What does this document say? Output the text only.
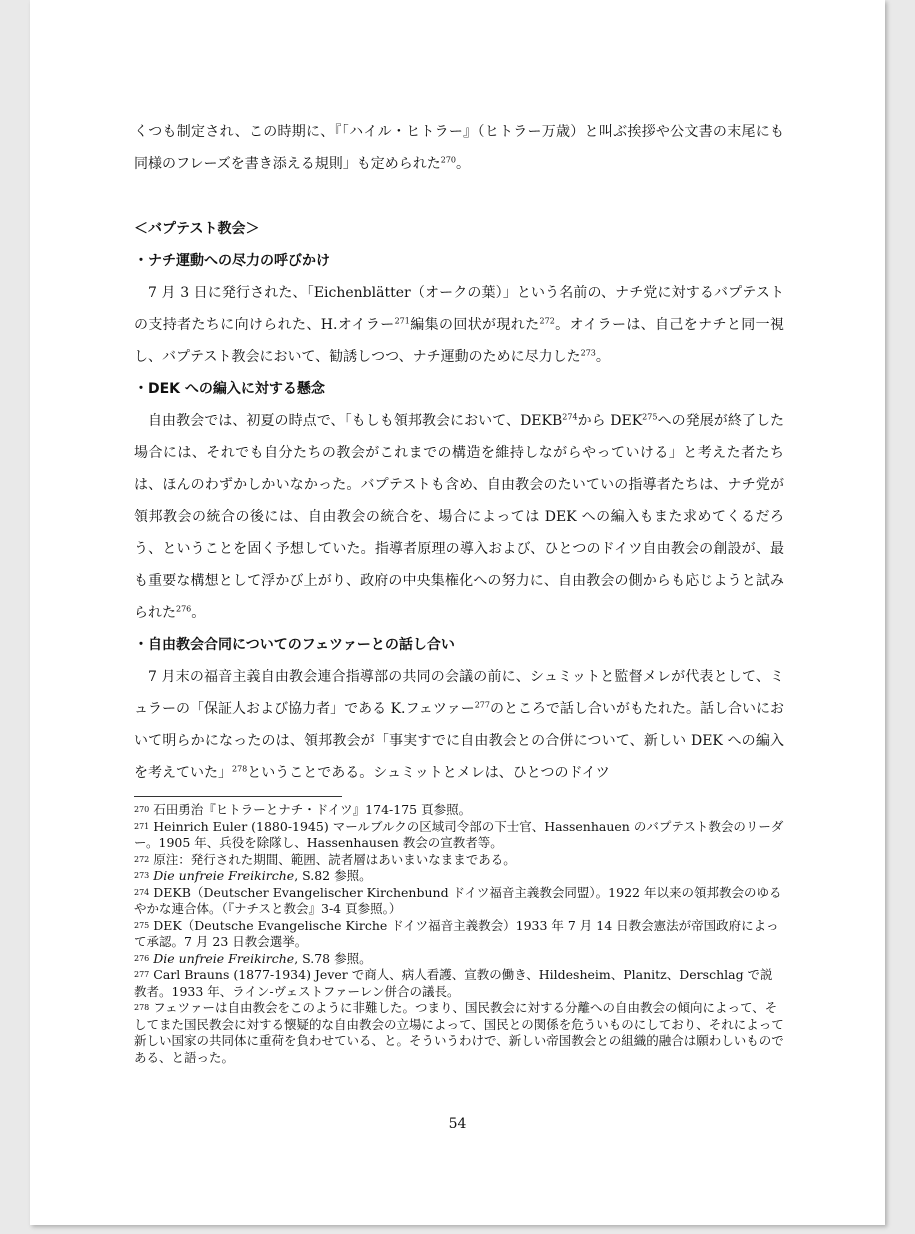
くつも制定され、この時期に、『「ハイル・ヒトラー』（ヒトラー万歳）と叫ぶ挨拶や公文書の末尾にも同様のフレーズを書き添える規則」も定められた$^{270}$。

＜バプテスト教会＞

・ナチ運動への尽力の呼びかけ

7 月 3 日に発行された、「Eichenblätter（オークの葉）」という名前の、ナチ党に対するバプテストの支持者たちに向けられた、H.オイラー$^{271}$編集の回状が現れた$^{272}$。オイラーは、自己をナチと同一視し、バプテスト教会において、勧誘しつつ、ナチ運動のために尽力した$^{273}$。

・DEK への編入に対する懸念

自由教会では、初夏の時点で、「もしも領邦教会において、DEKB$^{274}$から DEK$^{275}$への発展が終了した場合には、それでも自分たちの教会がこれまでの構造を維持しながらやっていける」と考えた者たちは、ほんのわずかしかいなかった。バプテストも含め、自由教会のたいていの指導者たちは、ナチ党が領邦教会の統合の後には、自由教会の統合を、場合によっては DEK への編入もまた求めてくるだろう、ということを固く予想していた。指導者原理の導入および、ひとつのドイツ自由教会の創設が、最も重要な構想として浮かび上がり、政府の中央集権化への努力に、自由教会の側からも応じようと試みられた$^{276}$。

・自由教会合同についてのフェツァーとの話し合い

7 月末の福音主義自由教会連合指導部の共同の会議の前に、シュミットと監督メレが代表として、ミュラーの「保証人および協力者」である K.フェツァー$^{277}$のところで話し合いがもたれた。話し合いにおいて明らかになったのは、領邦教会が「事実すでに自由教会との合併について、新しい DEK への編入を考えていた」$^{278}$ということである。シュミットとメレは、ひとつのドイツ

270 石田勇治『ヒトラーとナチ・ドイツ』174-175 頁参照。

271 Heinrich Euler (1880-1945) マールブルクの区域司令部の下士官、Hassenhauen のバプテスト教会のリーダー。1905 年、兵役を除隊し、Hassenhausen 教会の宣教者等。

272 原注：発行された期間、範囲、読者層はあいまいなままである。

273 Die unfreie Freikirche, S.82 参照。

274 DEKB（Deutscher Evangelischer Kirchenbund ドイツ福音主義教会同盟）。1922 年以来の領邦教会のゆるやかな連合体。（『ナチスと教会』3-4 頁参照。）

275 DEK（Deutsche Evangelische Kirche ドイツ福音主義教会）1933 年 7 月 14 日教会憲法が帝国政府によって承認。7 月 23 日教会選挙。

276 Die unfreie Freikirche, S.78 参照。

277 Carl Brauns (1877-1934) Jever で商人、病人看護、宣教の働き、Hildesheim、Planitz、Derschlag で説教者。1933 年、ライン-ヴェストファーレン併合の議長。

278 フェツァーは自由教会をこのように非難した。つまり、国民教会に対する分離への自由教会の傾向によって、そしてまた国民教会に対する懐疑的な自由教会の立場によって、国民との関係を危ういものにしており、それによって新しい国家の共同体に重荷を負わせている、と。そういうわけで、新しい帝国教会との組織的融合は願わしいものである、と語った。

54
